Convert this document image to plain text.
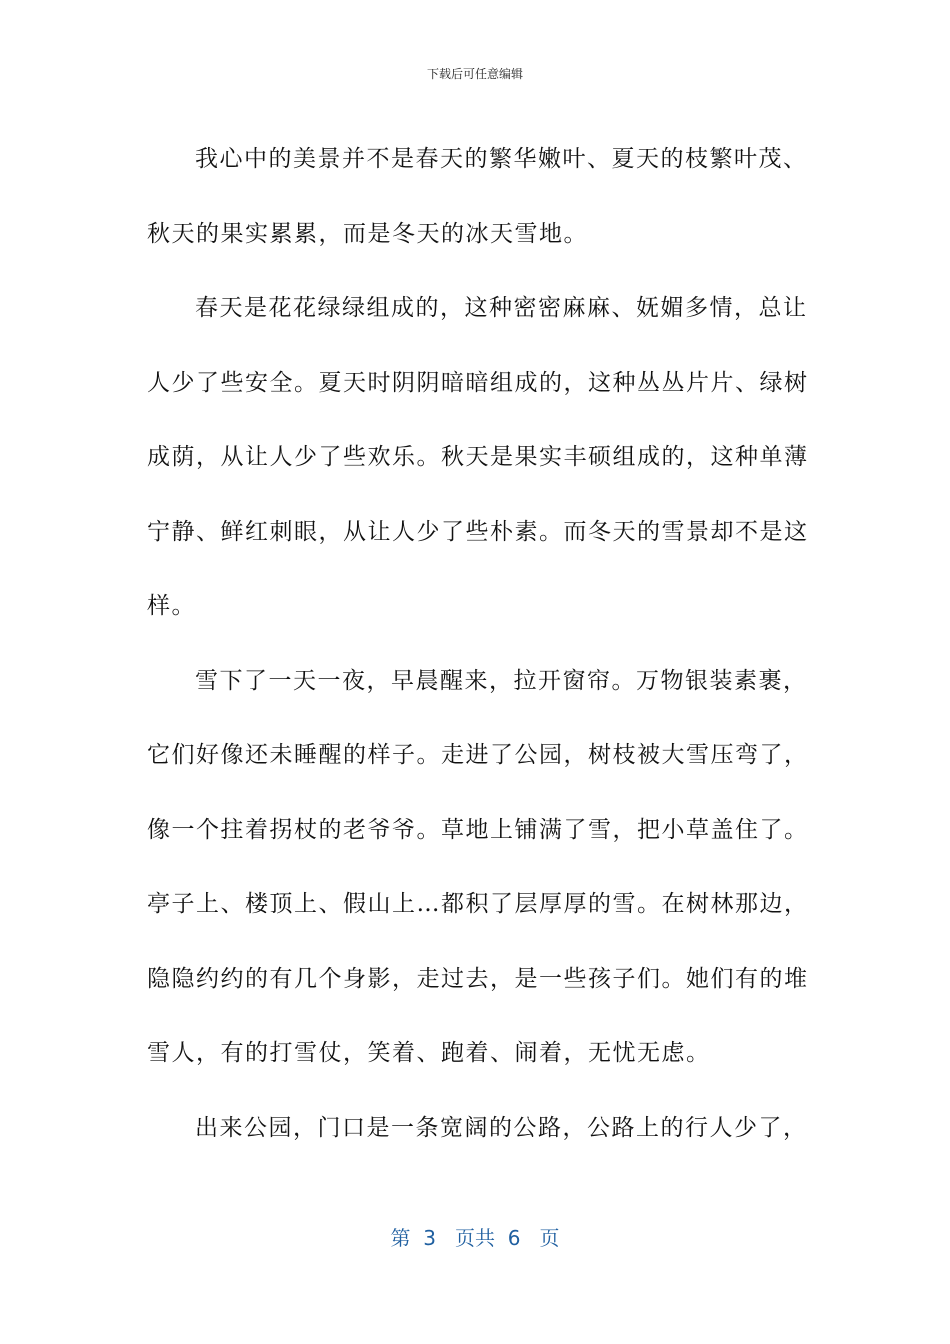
下载后可任意编辑
我心中的美景并不是春天的繁华嫩叶、夏天的枝繁叶茂、
秋天的果实累累，而是冬天的冰天雪地。
春天是花花绿绿组成的，这种密密麻麻、妩媚多情，总让
人少了些安全。夏天时阴阴暗暗组成的，这种丛丛片片、绿树
成荫，从让人少了些欢乐。秋天是果实丰硕组成的，这种单薄
宁静、鲜红刺眼，从让人少了些朴素。而冬天的雪景却不是这
样。
雪下了一天一夜，早晨醒来，拉开窗帘。万物银装素裹，
它们好像还未睡醒的样子。走进了公园，树枝被大雪压弯了，
像一个拄着拐杖的老爷爷。草地上铺满了雪，把小草盖住了。
亭子上、楼顶上、假山上…都积了层厚厚的雪。在树林那边，
隐隐约约的有几个身影，走过去，是一些孩子们。她们有的堆
雪人，有的打雪仗，笑着、跑着、闹着，无忧无虑。
出来公园，门口是一条宽阔的公路，公路上的行人少了，
第  3   页共  6   页
